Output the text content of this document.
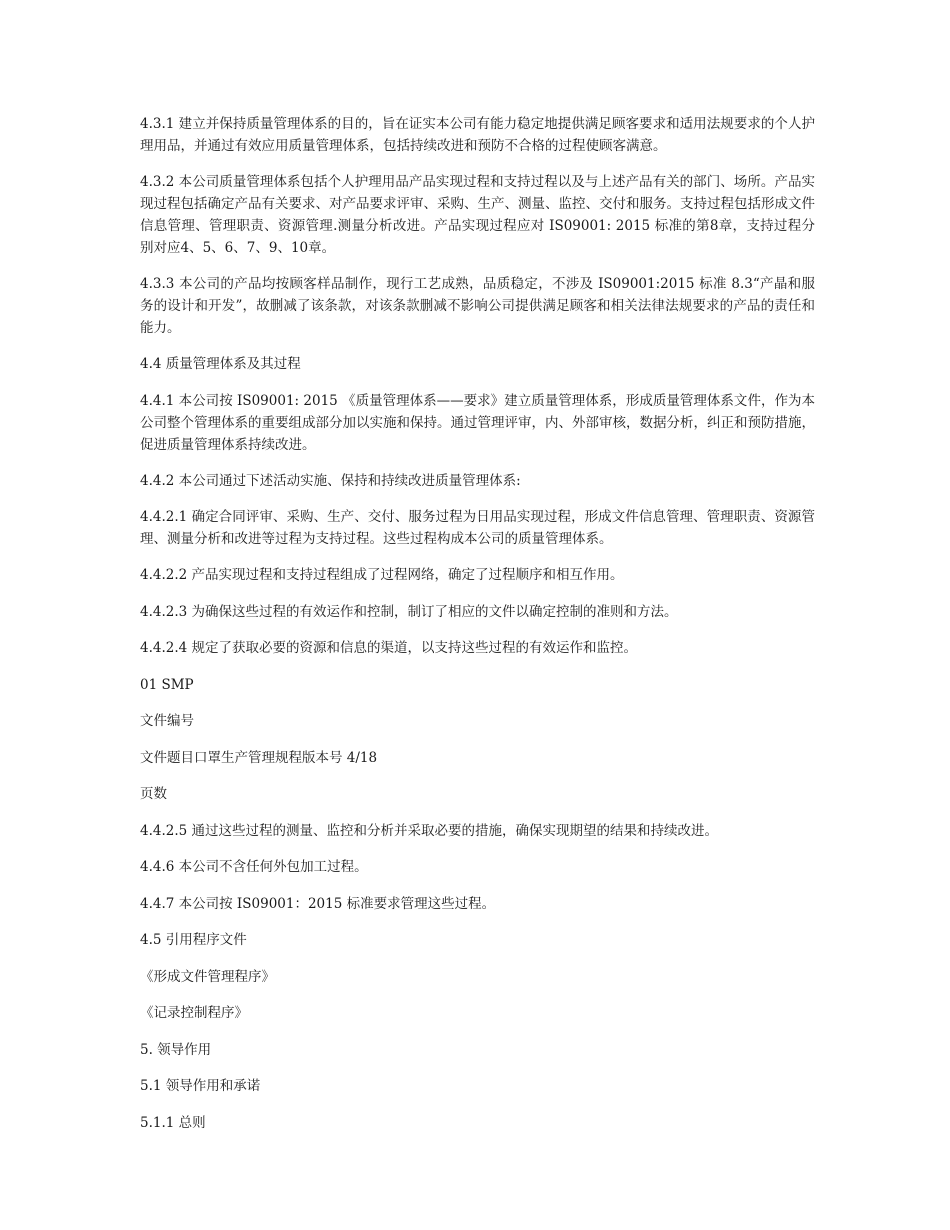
4.3.1 建立并保持质量管理体系的目的，旨在证实本公司有能力稳定地提供满足顾客要求和适用法规要求的个人护理用品，并通过有效应用质量管理体系，包括持续改进和预防不合格的过程使顾客满意。

4.3.2 本公司质量管理体系包括个人护理用品产品实现过程和支持过程以及与上述产品有关的部门、场所。产品实现过程包括确定产品有关要求、对产品要求评审、采购、生产、测量、监控、交付和服务。支持过程包括形成文件信息管理、管理职责、资源管理.测量分析改进。产品实现过程应对 IS09001: 2015 标准的第8章，支持过程分别对应4、5、6、7、9、10章。

4.3.3 本公司的产品均按顾客样品制作，现行工艺成熟，品质稳定，不涉及 IS09001:2015 标准 8.3“产晶和服务的设计和开发”，故删减了该条款，对该条款删减不影响公司提供满足顾客和相关法律法规要求的产品的责任和能力。

4.4 质量管理体系及其过程

4.4.1 本公司按 IS09001: 2015 《质量管理体系——要求》建立质量管理体系，形成质量管理体系文件，作为本公司整个管理体系的重要组成部分加以实施和保持。通过管理评审，内、外部审核，数据分析，纠正和预防措施，促进质量管理体系持续改进。

4.4.2 本公司通过下述活动实施、保持和持续改进质量管理体系:

4.4.2.1 确定合同评审、采购、生产、交付、服务过程为日用品实现过程，形成文件信息管理、管理职责、资源管理、测量分析和改进等过程为支持过程。这些过程构成本公司的质量管理体系。

4.4.2.2 产品实现过程和支持过程组成了过程网络，确定了过程顺序和相互作用。

4.4.2.3 为确保这些过程的有效运作和控制，制订了相应的文件以确定控制的准则和方法。

4.4.2.4 规定了获取必要的资源和信息的渠道，以支持这些过程的有效运作和监控。

01 SMP

文件编号

文件题目口罩生产管理规程版本号 4/18

页数

4.4.2.5 通过这些过程的测量、监控和分析并采取必要的措施，确保实现期望的结果和持续改进。

4.4.6 本公司不含任何外包加工过程。

4.4.7 本公司按 IS09001：2015 标准要求管理这些过程。

4.5 引用程序文件

《形成文件管理程序》

《记录控制程序》

5. 领导作用

5.1 领导作用和承诺

5.1.1 总则
